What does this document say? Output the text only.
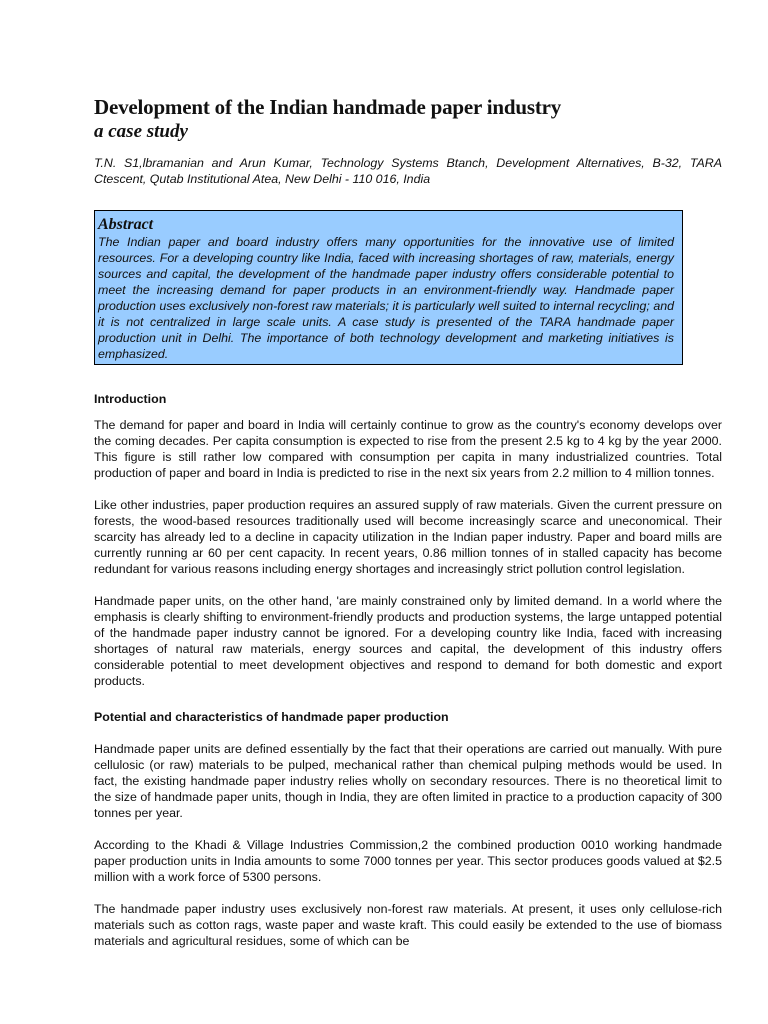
Development of the Indian handmade paper industry
a case study

T.N. S1,lbramanian and Arun Kumar, Technology Systems Btanch, Development Alternatives, B-32, TARA Ctescent, Qutab Institutional Atea, New Delhi - 110 016, India

Abstract

The Indian paper and board industry offers many opportunities for the innovative use of limited resources. For a developing country like India, faced with increasing shortages of raw, materials, energy sources and capital, the development of the handmade paper industry offers considerable potential to meet the increasing demand for paper products in an environment-friendly way. Handmade paper production uses exclusively non-forest raw materials; it is particularly well suited to internal recycling; and it is not centralized in large scale units. A case study is presented of the TARA handmade paper production unit in Delhi. The importance of both technology development and marketing initiatives is emphasized.

Introduction

The demand for paper and board in India will certainly continue to grow as the country's economy develops over the coming decades. Per capita consumption is expected to rise from the present 2.5 kg to 4 kg by the year 2000. This figure is still rather low compared with consumption per capita in many industrialized countries. Total production of paper and board in India is predicted to rise in the next six years from 2.2 million to 4 million tonnes.

Like other industries, paper production requires an assured supply of raw materials. Given the current pressure on forests, the wood-based resources traditionally used will become increasingly scarce and uneconomical. Their scarcity has already led to a decline in capacity utilization in the Indian paper industry. Paper and board mills are currently running ar 60 per cent capacity. In recent years, 0.86 million tonnes of in stalled capacity has become redundant for various reasons including energy shortages and increasingly strict pollution control legislation.

Handmade paper units, on the other hand, 'are mainly constrained only by limited demand. In a world where the emphasis is clearly shifting to environment-friendly products and production systems, the large untapped potential of the handmade paper industry cannot be ignored. For a developing country like India, faced with increasing shortages of natural raw materials, energy sources and capital, the development of this industry offers considerable potential to meet development objectives and respond to demand for both domestic and export products.

Potential and characteristics of handmade paper production

Handmade paper units are defined essentially by the fact that their operations are carried out manually. With pure cellulosic (or raw) materials to be pulped, mechanical rather than chemical pulping methods would be used. In fact, the existing handmade paper industry relies wholly on secondary resources. There is no theoretical limit to the size of handmade paper units, though in India, they are often limited in practice to a production capacity of 300 tonnes per year.

According to the Khadi & Village Industries Commission,2 the combined production 0010 working handmade paper production units in India amounts to some 7000 tonnes per year. This sector produces goods valued at $2.5 million with a work force of 5300 persons.

The handmade paper industry uses exclusively non-forest raw materials. At present, it uses only cellulose-rich materials such as cotton rags, waste paper and waste kraft. This could easily be extended to the use of biomass materials and agricultural residues, some of which can be
